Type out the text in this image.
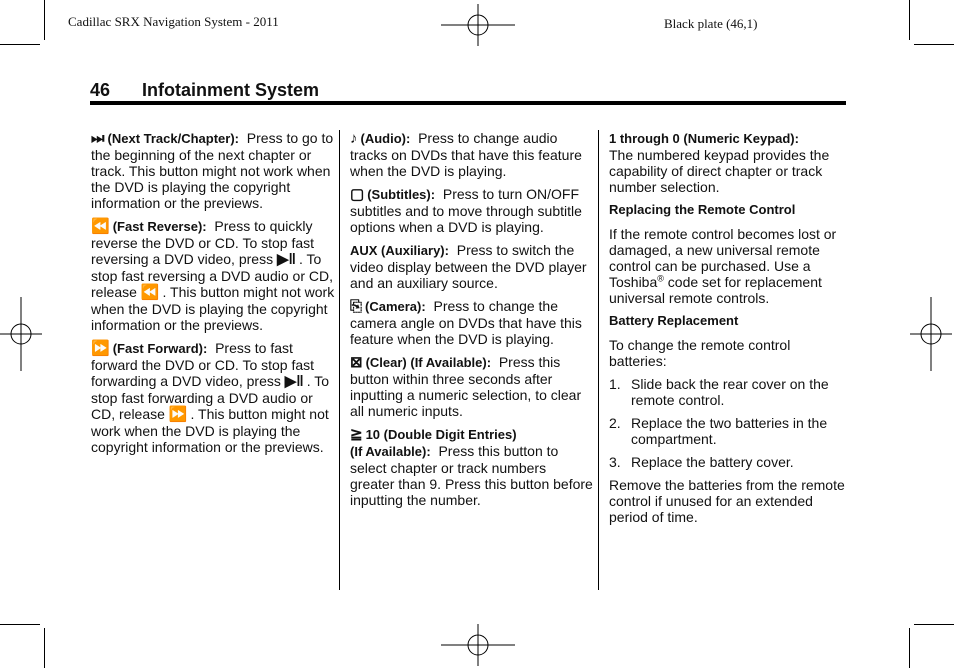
Cadillac SRX Navigation System - 2011	Black plate (46,1)
46 Infotainment System

⏭ (Next Track/Chapter): Press to go to the beginning of the next chapter or track. This button might not work when the DVD is playing the copyright information or the previews.

⏪ (Fast Reverse): Press to quickly reverse the DVD or CD. To stop fast reversing a DVD video, press ▶‖ . To stop fast reversing a DVD audio or CD, release ⏪ . This button might not work when the DVD is playing the copyright information or the previews.

⏩ (Fast Forward): Press to fast forward the DVD or CD. To stop fast forwarding a DVD video, press ▶‖ . To stop fast forwarding a DVD audio or CD, release ⏩ . This button might not work when the DVD is playing the copyright information or the previews.

♪ (Audio): Press to change audio tracks on DVDs that have this feature when the DVD is playing.

▢ (Subtitles): Press to turn ON/OFF subtitles and to move through subtitle options when a DVD is playing.

AUX (Auxiliary): Press to switch the video display between the DVD player and an auxiliary source.

⎘ (Camera): Press to change the camera angle on DVDs that have this feature when the DVD is playing.

⊠ (Clear) (If Available): Press this button within three seconds after inputting a numeric selection, to clear all numeric inputs.

≧ 10 (Double Digit Entries)
(If Available): Press this button to select chapter or track numbers greater than 9. Press this button before inputting the number.

1 through 0 (Numeric Keypad):
The numbered keypad provides the capability of direct chapter or track number selection.

Replacing the Remote Control

If the remote control becomes lost or damaged, a new universal remote control can be purchased. Use a Toshiba® code set for replacement universal remote controls.

Battery Replacement

To change the remote control batteries:

1. Slide back the rear cover on the remote control.
2. Replace the two batteries in the compartment.
3. Replace the battery cover.

Remove the batteries from the remote control if unused for an extended period of time.
